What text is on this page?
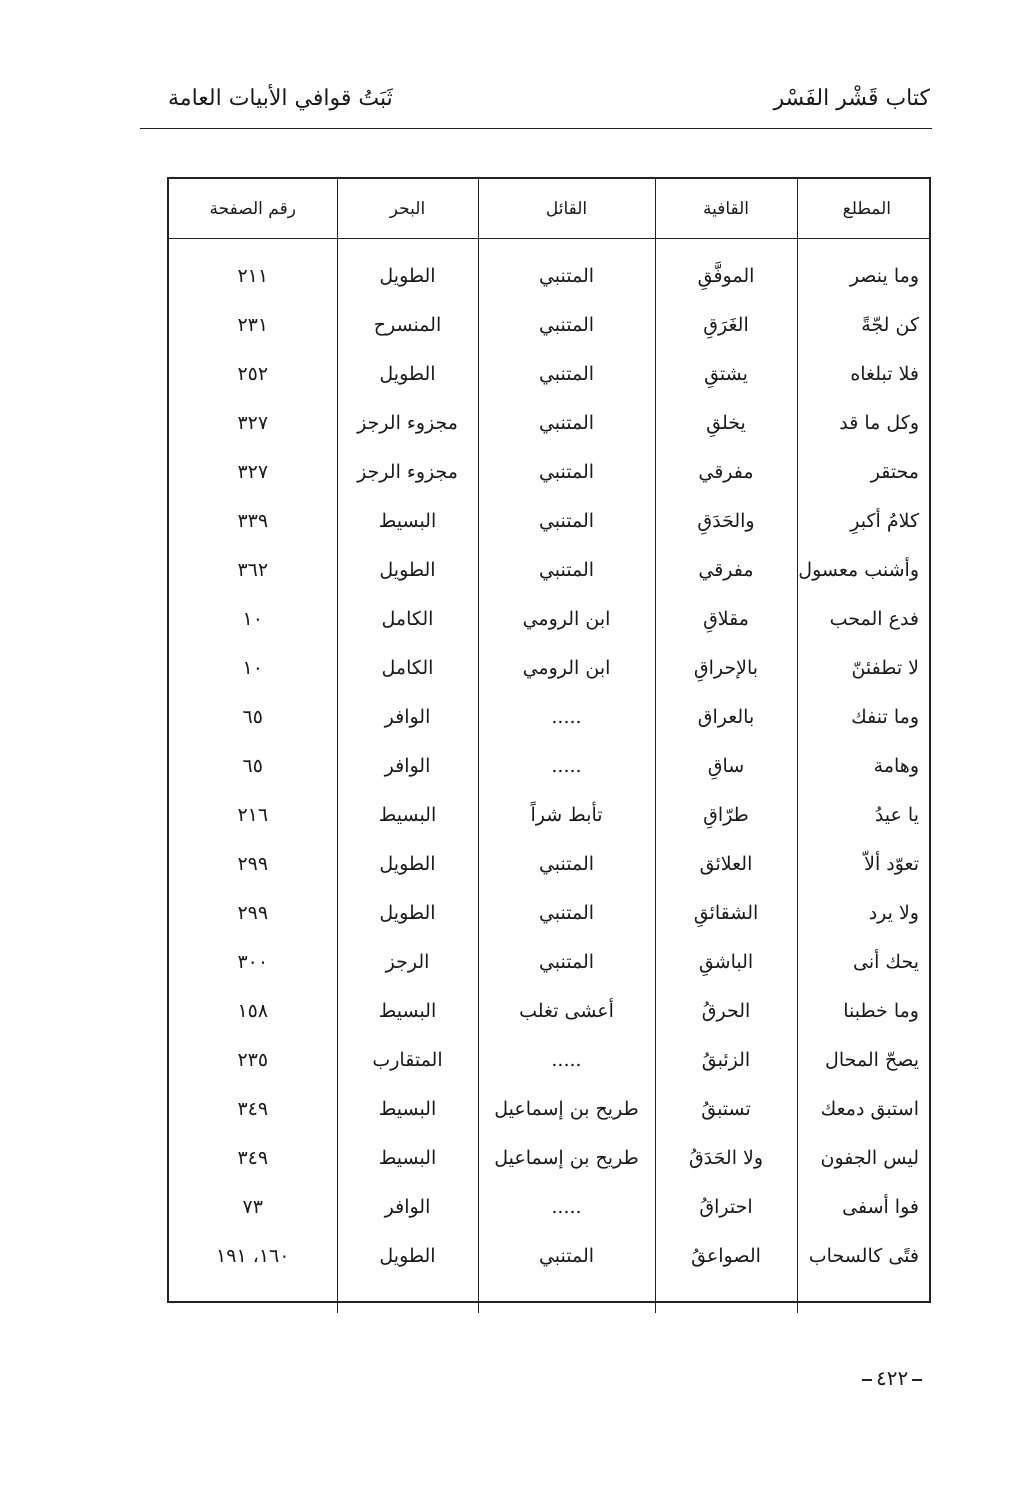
كتاب قَشْر الفَسْر
ثَبَتُ قوافي الأبيات العامة
المطلع	القافية	القائل	البحر	رقم الصفحة

وما ينصر	الموفَّقِ	المتنبي	الطويل	٢١١
كن لجّةً	الغَرَقِ	المتنبي	المنسرح	٢٣١
فلا تبلغاه	يشتقِ	المتنبي	الطويل	٢٥٢
وكل ما قد	يخلقِ	المتنبي	مجزوء الرجز	٣٢٧
محتقر	مفرقي	المتنبي	مجزوء الرجز	٣٢٧
كلامُ أكبرِ	والحَدَقِ	المتنبي	البسيط	٣٣٩
وأشنب معسول	مفرقي	المتنبي	الطويل	٣٦٢
فدع المحب	مقلاقِ	ابن الرومي	الكامل	١٠
لا تطفئنّ	بالإحراقِ	ابن الرومي	الكامل	١٠
وما تنفك	بالعراق	.....	الوافر	٦٥
وهامة	ساقِ	.....	الوافر	٦٥
يا عيدُ	طرّاقِ	تأبط شراً	البسيط	٢١٦
تعوّد ألاّ	العلائق	المتنبي	الطويل	٢٩٩
ولا يرد	الشقائقِ	المتنبي	الطويل	٢٩٩
يحك أنى	الباشقِ	المتنبي	الرجز	٣٠٠
وما خطبنا	الحرقُ	أعشى تغلب	البسيط	١٥٨
يصحّ المحال	الزئبقُ	.....	المتقارب	٢٣٥
استبق دمعك	تستبقُ	طريح بن إسماعيل	البسيط	٣٤٩
ليس الجفون	ولا الحَدَقُ	طريح بن إسماعيل	البسيط	٣٤٩
فوا أسفى	احتراقُ	.....	الوافر	٧٣
فتًى كالسحاب	الصواعقُ	المتنبي	الطويل	١٦٠، ١٩١

٤٢٢
